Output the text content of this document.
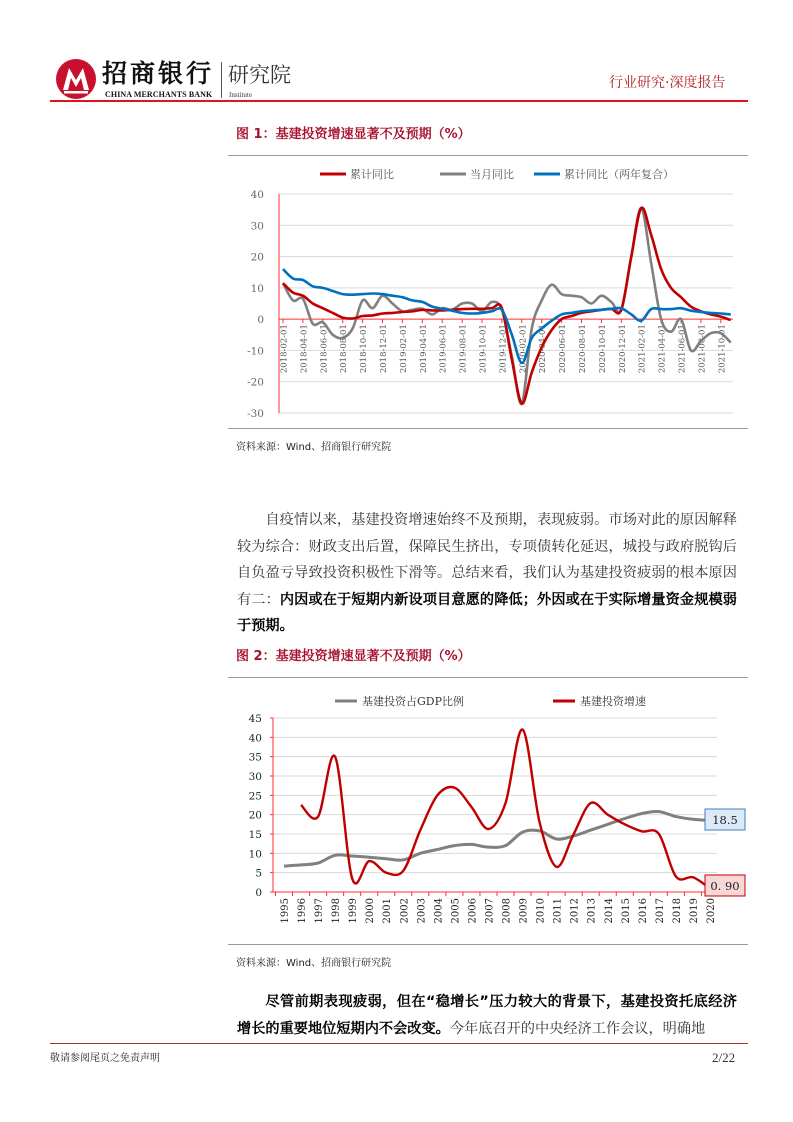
招商银行
CHINA MERCHANTS BANK
研究院
Institute
行业研究·深度报告
图 1：基建投资增速显著不及预期（%）
40
30
20
10
0
-10
-20
-30
2018-02-01 2018-04-01 2018-06-01 2018-08-01 2018-10-01 2018-12-01 2019-02-01 2019-04-01 2019-06-01 2019-08-01 2019-10-01 2019-12-01 2020-02-01 2020-04-01 2020-06-01 2020-08-01 2020-10-01 2020-12-01 2021-02-01 2021-04-01 2021-06-01 2021-08-01 2021-10-01
累计同比	当月同比	累计同比（两年复合）
资料来源：Wind、招商银行研究院
自疫情以来，基建投资增速始终不及预期，表现疲弱。市场对此的原因解释较为综合：财政支出后置，保障民生挤出，专项债转化延迟，城投与政府脱钩后自负盈亏导致投资积极性下滑等。总结来看，我们认为基建投资疲弱的根本原因有二：内因或在于短期内新设项目意愿的降低；外因或在于实际增量资金规模弱于预期。
图 2：基建投资增速显著不及预期（%）
45
40
35
30
25
20
15
10
5
0
1995 1996 1997 1998 1999 2000 2001 2002 2003 2004 2005 2006 2007 2008 2009 2010 2011 2012 2013 2014 2015 2016 2017 2018 2019 2020
18.5
0. 90
基建投资占GDP比例	基建投资增速
资料来源：Wind、招商银行研究院
尽管前期表现疲弱，但在“稳增长”压力较大的背景下，基建投资托底经济增长的重要地位短期内不会改变。今年底召开的中央经济工作会议，明确地
敬请参阅尾页之免责声明	2/22
